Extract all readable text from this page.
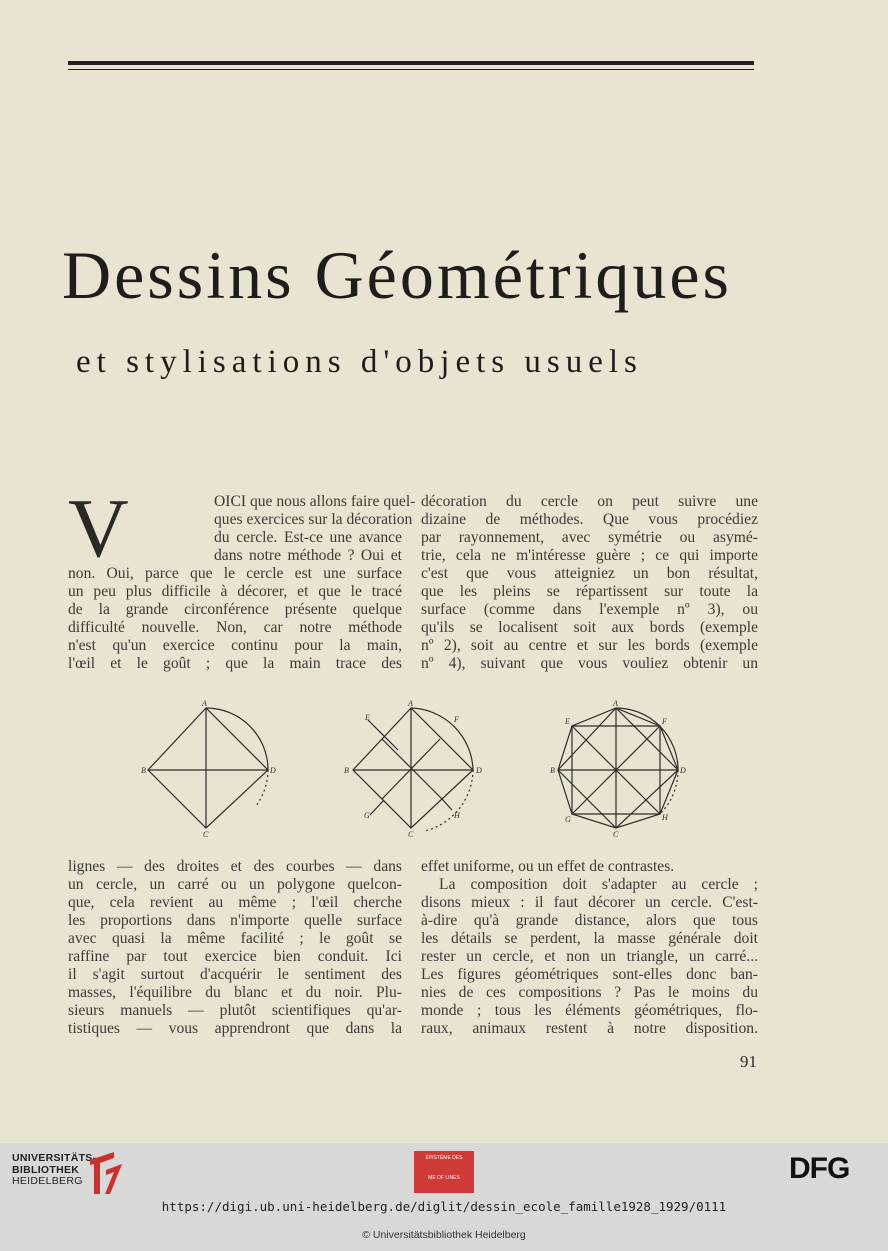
Dessins Géométriques
et stylisations d'objets usuels
V	OICI que nous allons faire quel-
ques exercices sur la décoration
du cercle. Est-ce une avance
dans notre méthode ? Oui et
non. Oui, parce que le cercle est une surface
un peu plus difficile à décorer, et que le tracé
de la grande circonférence présente quelque
difficulté nouvelle. Non, car notre méthode
n'est qu'un exercice continu pour la main,
l'œil et le goût ; que la main trace des
décoration du cercle on peut suivre une
dizaine de méthodes. Que vous procédiez
par rayonnement, avec symétrie ou asymé-
trie, cela ne m'intéresse guère ; ce qui importe
c'est que vous atteigniez un bon résultat,
que les pleins se répartissent sur toute la
surface (comme dans l'exemple nº 3), ou
qu'ils se localisent soit aux bords (exemple
nº 2), soit au centre et sur les bords (exemple
nº 4), suivant que vous vouliez obtenir un
A
B	D
C
A
B	D
C
E	F
G	H
A
B	D
C
E	F
G	H
lignes — des droites et des courbes — dans
un cercle, un carré ou un polygone quelcon-
que, cela revient au même ; l'œil cherche
les proportions dans n'importe quelle surface
avec quasi la même facilité ; le goût se
raffine par tout exercice bien conduit. Ici
il s'agit surtout d'acquérir le sentiment des
masses, l'équilibre du blanc et du noir. Plu-
sieurs manuels — plutôt scientifiques qu'ar-
tistiques — vous apprendront que dans la
effet uniforme, ou un effet de contrastes.
La composition doit s'adapter au cercle ;
disons mieux : il faut décorer un cercle. C'est-
à-dire qu'à grande distance, alors que tous
les détails se perdent, la masse générale doit
rester un cercle, et non un triangle, un carré...
Les figures géométriques sont-elles donc ban-
nies de ces compositions ? Pas le moins du
monde ; tous les éléments géométriques, flo-
raux, animaux restent à notre disposition.
91
UNIVERSITÄTS-
BIBLIOTHEK
HEIDELBERG
ÉPISTÈME DES
ME OF LINES	DFG
https://digi.ub.uni-heidelberg.de/diglit/dessin_ecole_famille1928_1929/0111
© Universitätsbibliothek Heidelberg
